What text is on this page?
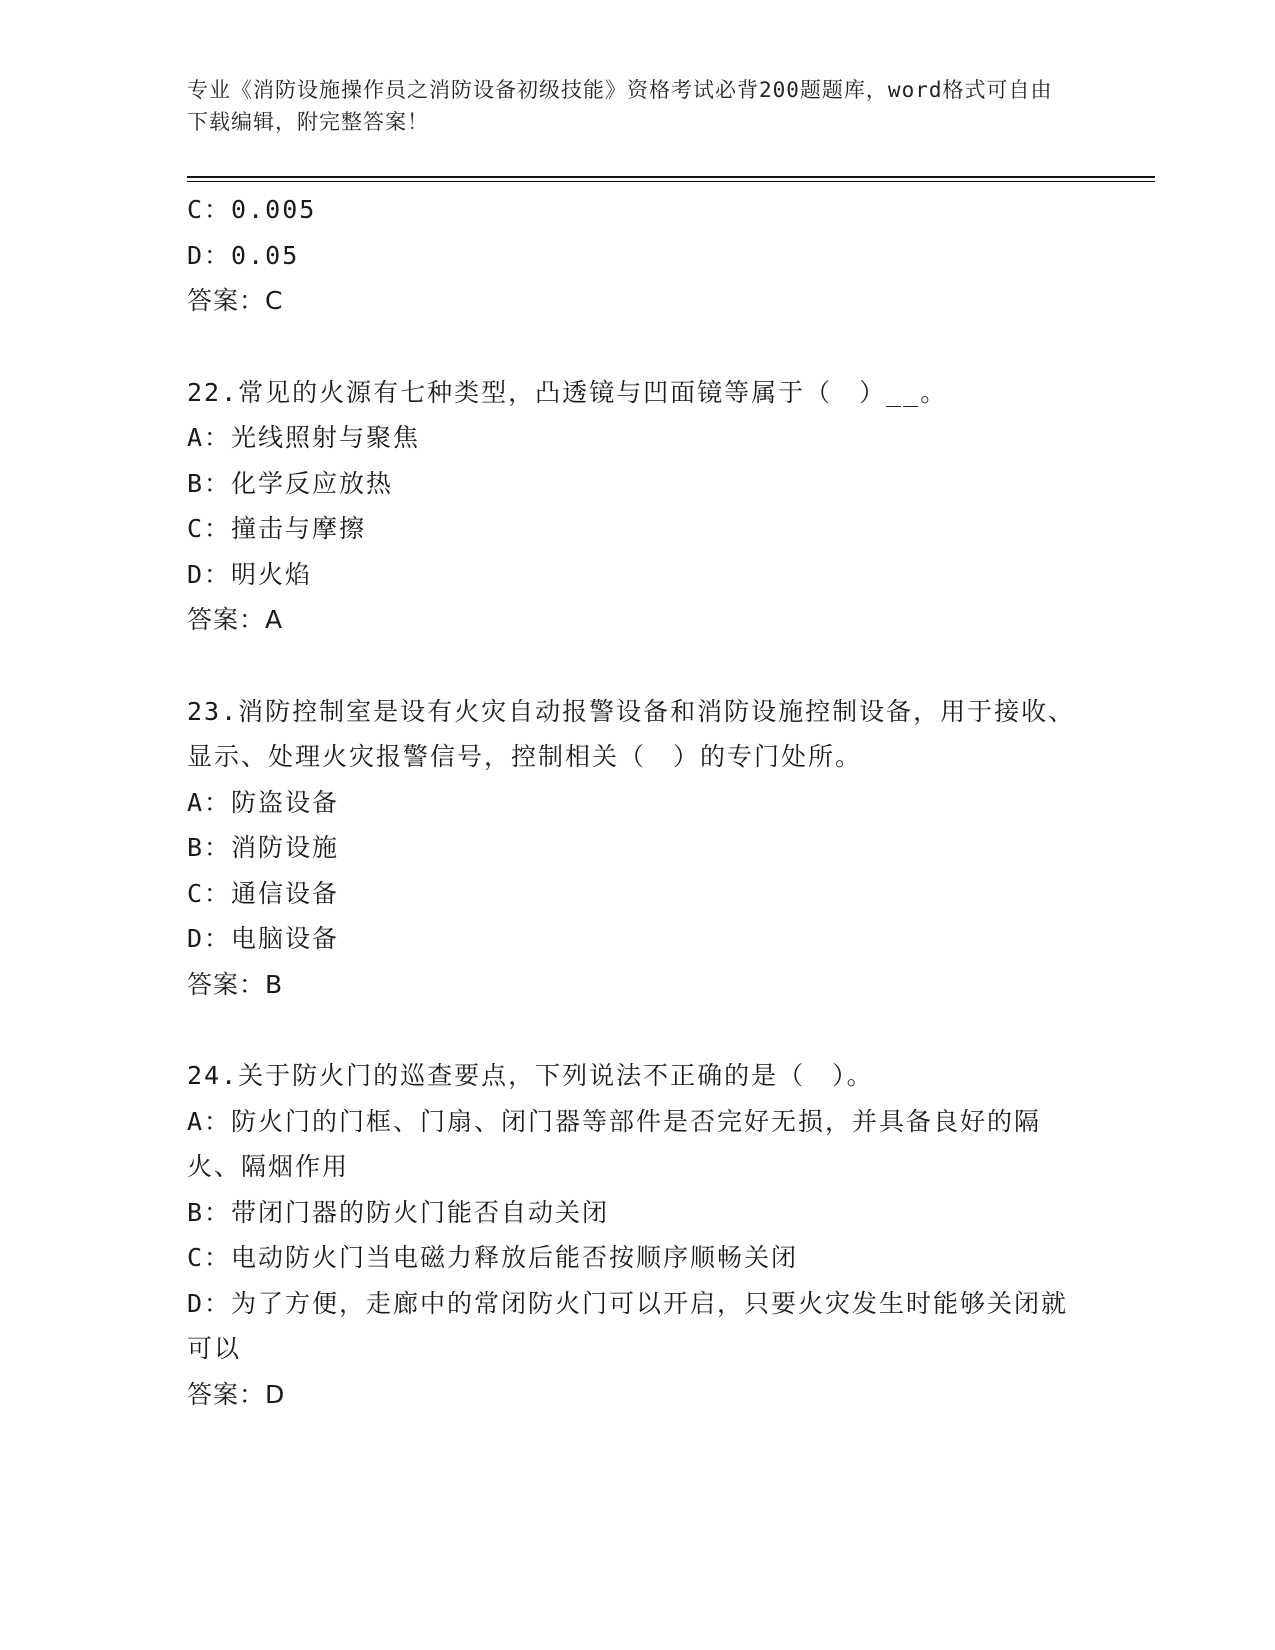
专业《消防设施操作员之消防设备初级技能》资格考试必背200题题库，word格式可自由下载编辑，附完整答案！

C：0.005

D：0.05

答案：C

22.常见的火源有七种类型，凸透镜与凹面镜等属于（　）__。

A：光线照射与聚焦

B：化学反应放热

C：撞击与摩擦

D：明火焰

答案：A

23.消防控制室是设有火灾自动报警设备和消防设施控制设备，用于接收、显示、处理火灾报警信号，控制相关（　）的专门处所。

A：防盗设备

B：消防设施

C：通信设备

D：电脑设备

答案：B

24.关于防火门的巡查要点，下列说法不正确的是（　）。

A：防火门的门框、门扇、闭门器等部件是否完好无损，并具备良好的隔火、隔烟作用

B：带闭门器的防火门能否自动关闭

C：电动防火门当电磁力释放后能否按顺序顺畅关闭

D：为了方便，走廊中的常闭防火门可以开启，只要火灾发生时能够关闭就可以

答案：D
